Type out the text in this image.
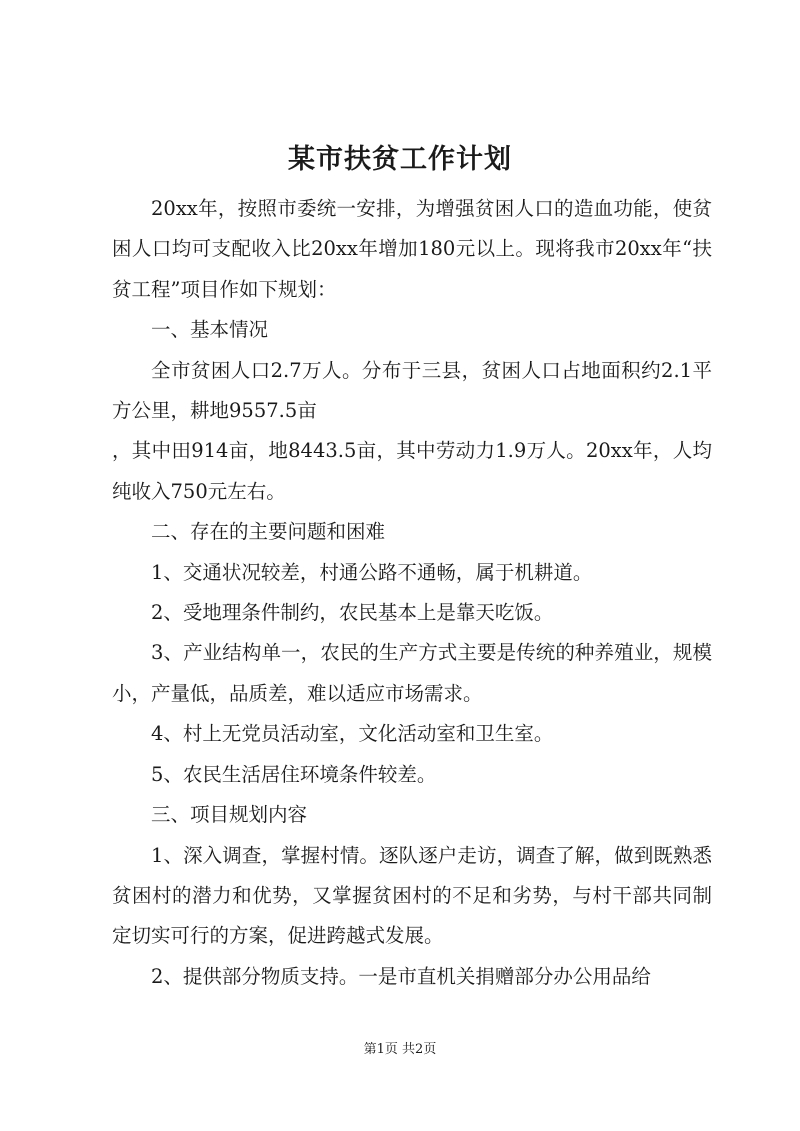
某市扶贫工作计划

20xx年，按照市委统一安排，为增强贫困人口的造血功能，使贫困人口均可支配收入比20xx年增加180元以上。现将我市20xx年“扶贫工程”项目作如下规划：

一、基本情况

全市贫困人口2.7万人。分布于三县，贫困人口占地面积约2.1平方公里，耕地9557.5亩

，其中田914亩，地8443.5亩，其中劳动力1.9万人。20xx年，人均纯收入750元左右。

二、存在的主要问题和困难

1、交通状况较差，村通公路不通畅，属于机耕道。

2、受地理条件制约，农民基本上是靠天吃饭。

3、产业结构单一，农民的生产方式主要是传统的种养殖业，规模小，产量低，品质差，难以适应市场需求。

4、村上无党员活动室，文化活动室和卫生室。

5、农民生活居住环境条件较差。

三、项目规划内容

1、深入调查，掌握村情。逐队逐户走访，调查了解，做到既熟悉贫困村的潜力和优势，又掌握贫困村的不足和劣势，与村干部共同制定切实可行的方案，促进跨越式发展。

2、提供部分物质支持。一是市直机关捐赠部分办公用品给

第1页 共2页
